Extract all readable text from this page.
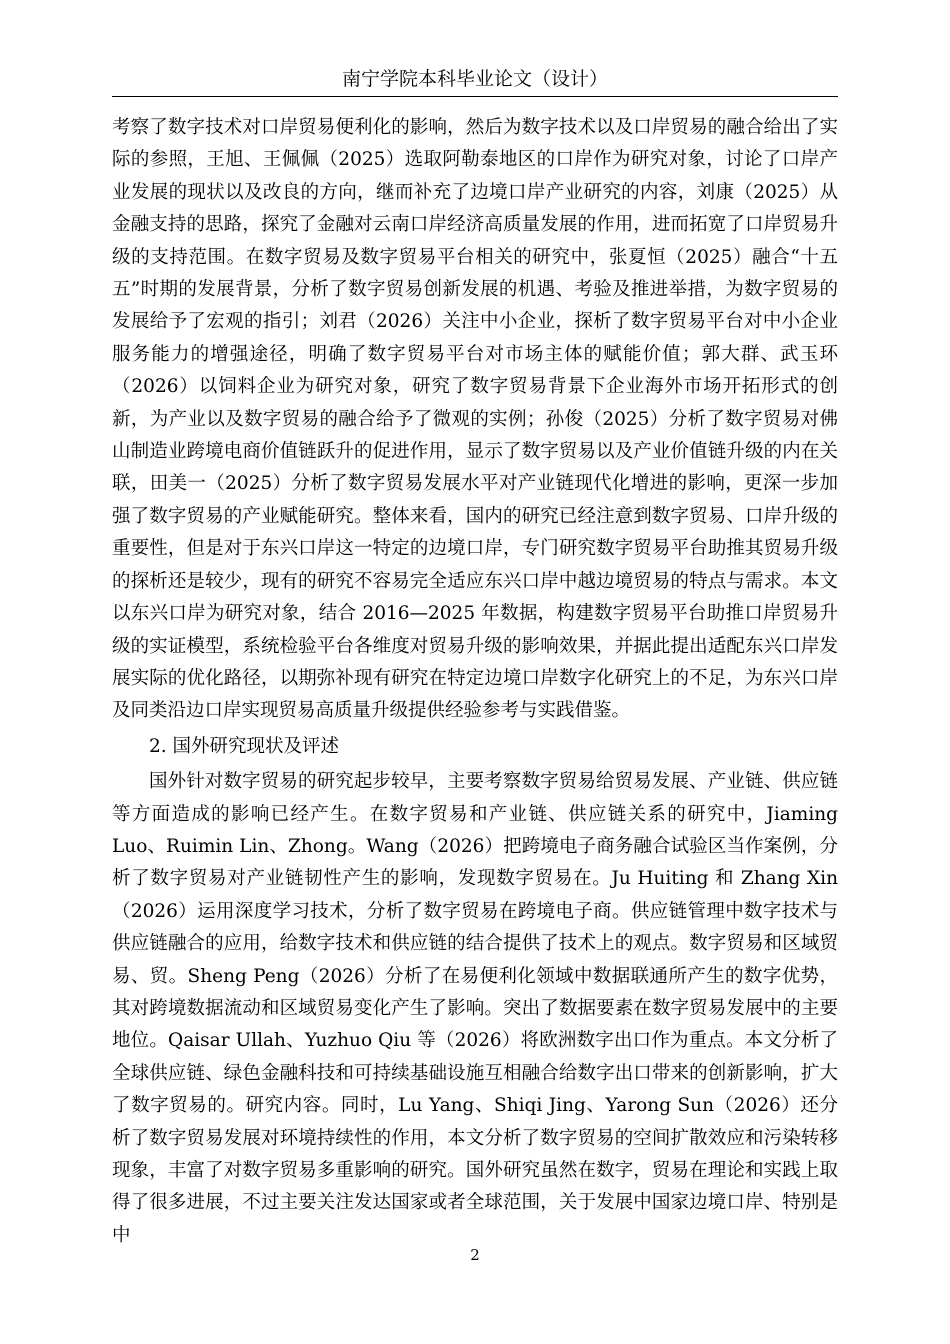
南宁学院本科毕业论文（设计）

考察了数字技术对口岸贸易便利化的影响，然后为数字技术以及口岸贸易的融合给出了实际的参照，王旭、王佩佩（2025）选取阿勒泰地区的口岸作为研究对象，讨论了口岸产业发展的现状以及改良的方向，继而补充了边境口岸产业研究的内容，刘康（2025）从金融支持的思路，探究了金融对云南口岸经济高质量发展的作用，进而拓宽了口岸贸易升级的支持范围。在数字贸易及数字贸易平台相关的研究中，张夏恒（2025）融合“十五五”时期的发展背景，分析了数字贸易创新发展的机遇、考验及推进举措，为数字贸易的发展给予了宏观的指引；刘君（2026）关注中小企业，探析了数字贸易平台对中小企业服务能力的增强途径，明确了数字贸易平台对市场主体的赋能价值；郭大群、武玉环（2026）以饲料企业为研究对象，研究了数字贸易背景下企业海外市场开拓形式的创新，为产业以及数字贸易的融合给予了微观的实例；孙俊（2025）分析了数字贸易对佛山制造业跨境电商价值链跃升的促进作用，显示了数字贸易以及产业价值链升级的内在关联，田美一（2025）分析了数字贸易发展水平对产业链现代化增进的影响，更深一步加强了数字贸易的产业赋能研究。整体来看，国内的研究已经注意到数字贸易、口岸升级的重要性，但是对于东兴口岸这一特定的边境口岸，专门研究数字贸易平台助推其贸易升级的探析还是较少，现有的研究不容易完全适应东兴口岸中越边境贸易的特点与需求。本文以东兴口岸为研究对象，结合 2016—2025 年数据，构建数字贸易平台助推口岸贸易升级的实证模型，系统检验平台各维度对贸易升级的影响效果，并据此提出适配东兴口岸发展实际的优化路径，以期弥补现有研究在特定边境口岸数字化研究上的不足，为东兴口岸及同类沿边口岸实现贸易高质量升级提供经验参考与实践借鉴。

2. 国外研究现状及评述

国外针对数字贸易的研究起步较早，主要考察数字贸易给贸易发展、产业链、供应链等方面造成的影响已经产生。在数字贸易和产业链、供应链关系的研究中，Jiaming Luo、Ruimin Lin、Zhong。Wang（2026）把跨境电子商务融合试验区当作案例，分析了数字贸易对产业链韧性产生的影响，发现数字贸易在。Ju Huiting 和 Zhang Xin（2026）运用深度学习技术，分析了数字贸易在跨境电子商。供应链管理中数字技术与供应链融合的应用，给数字技术和供应链的结合提供了技术上的观点。数字贸易和区域贸易、贸。Sheng Peng（2026）分析了在易便利化领域中数据联通所产生的数字优势，其对跨境数据流动和区域贸易变化产生了影响。突出了数据要素在数字贸易发展中的主要地位。Qaisar Ullah、Yuzhuo Qiu 等（2026）将欧洲数字出口作为重点。本文分析了全球供应链、绿色金融科技和可持续基础设施互相融合给数字出口带来的创新影响，扩大了数字贸易的。研究内容。同时，Lu Yang、Shiqi Jing、Yarong Sun（2026）还分析了数字贸易发展对环境持续性的作用，本文分析了数字贸易的空间扩散效应和污染转移现象，丰富了对数字贸易多重影响的研究。国外研究虽然在数字，贸易在理论和实践上取得了很多进展，不过主要关注发达国家或者全球范围，关于发展中国家边境口岸、特别是中

2
